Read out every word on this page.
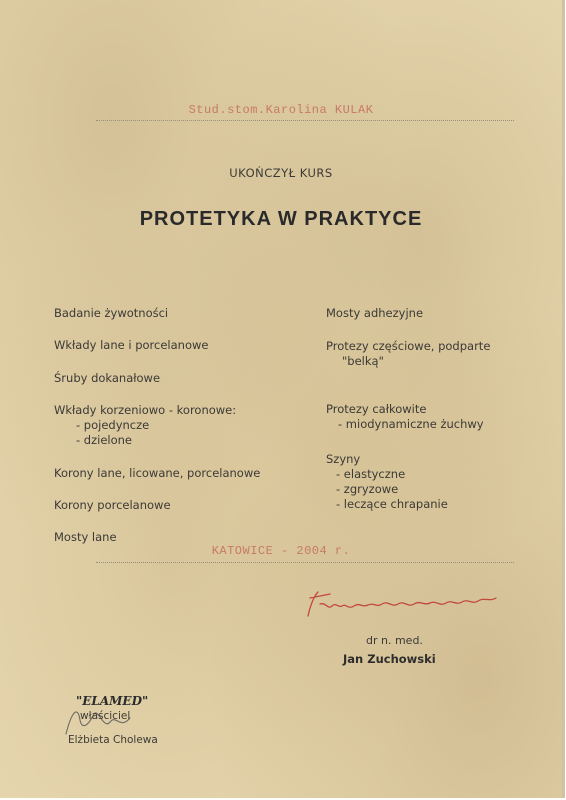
Stud.stom.Karolina KULAK
UKOŃCZYŁ KURS
PROTETYKA W PRAKTYCE
Badanie żywotności
Wkłady lane i porcelanowe
Śruby dokanałowe
Wkłady korzeniowo - koronowe:
- pojedyncze
- dzielone
Korony lane, licowane, porcelanowe
Korony porcelanowe
Mosty lane
Mosty adhezyjne
Protezy częściowe, podparte
"belką"
Protezy całkowite
- miodynamiczne żuchwy
Szyny
- elastyczne
- zgryzowe
- leczące chrapanie
KATOWICE - 2004 r.
dr n. med.
Jan Zuchowski
"ELAMED"
właściciel
Elżbieta Cholewa
